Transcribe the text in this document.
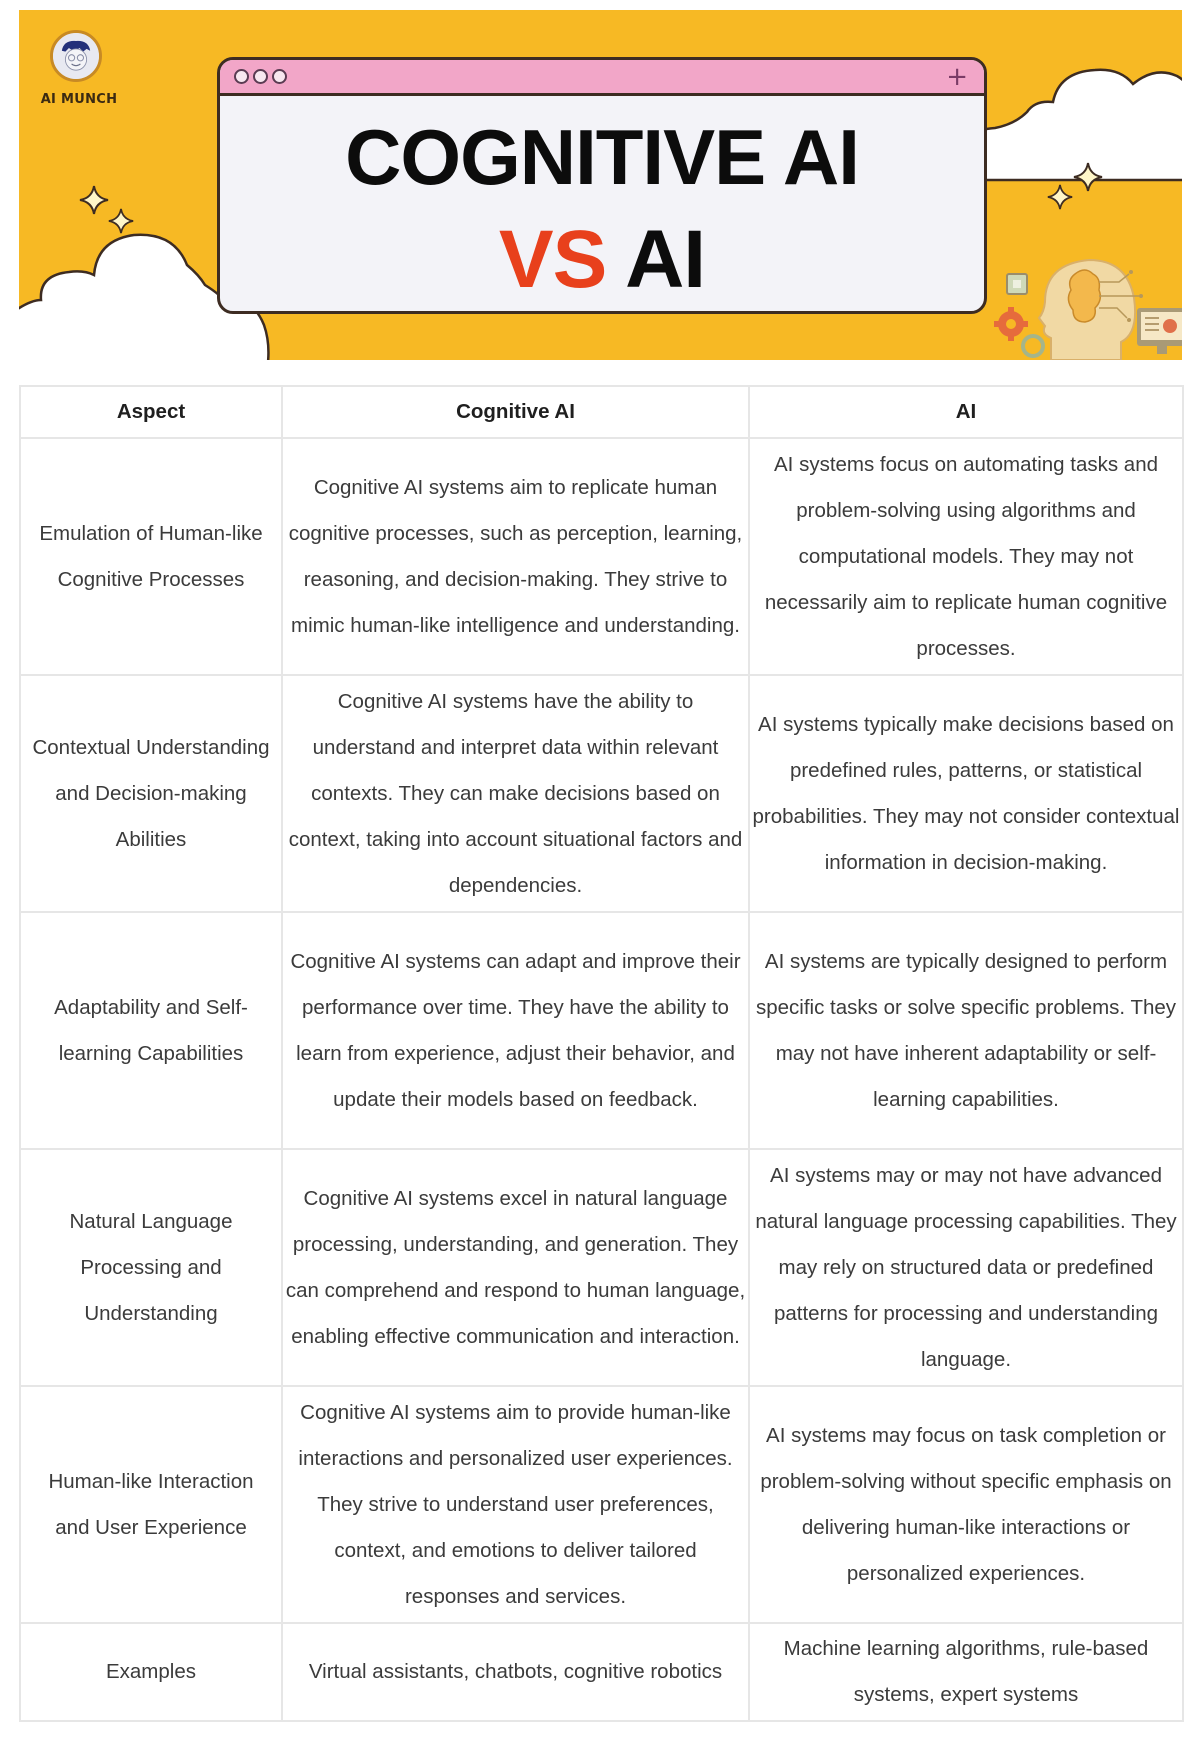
AI MUNCH
+
COGNITIVE AI
VS AI
Aspect	Cognitive AI	AI
Emulation of Human-like Cognitive Processes	Cognitive AI systems aim to replicate human cognitive processes, such as perception, learning, reasoning, and decision-making. They strive to mimic human-like intelligence and understanding.	AI systems focus on automating tasks and problem-solving using algorithms and computational models. They may not necessarily aim to replicate human cognitive processes.
Contextual Understanding and Decision-making Abilities	Cognitive AI systems have the ability to understand and interpret data within relevant contexts. They can make decisions based on context, taking into account situational factors and dependencies.	AI systems typically make decisions based on predefined rules, patterns, or statistical probabilities. They may not consider contextual information in decision-making.
Adaptability and Self-learning Capabilities	Cognitive AI systems can adapt and improve their performance over time. They have the ability to learn from experience, adjust their behavior, and update their models based on feedback.	AI systems are typically designed to perform specific tasks or solve specific problems. They may not have inherent adaptability or self-learning capabilities.
Natural Language Processing and Understanding	Cognitive AI systems excel in natural language processing, understanding, and generation. They can comprehend and respond to human language, enabling effective communication and interaction.	AI systems may or may not have advanced natural language processing capabilities. They may rely on structured data or predefined patterns for processing and understanding language.
Human-like Interaction and User Experience	Cognitive AI systems aim to provide human-like interactions and personalized user experiences. They strive to understand user preferences, context, and emotions to deliver tailored responses and services.	AI systems may focus on task completion or problem-solving without specific emphasis on delivering human-like interactions or personalized experiences.
Examples	Virtual assistants, chatbots, cognitive robotics	Machine learning algorithms, rule-based systems, expert systems
